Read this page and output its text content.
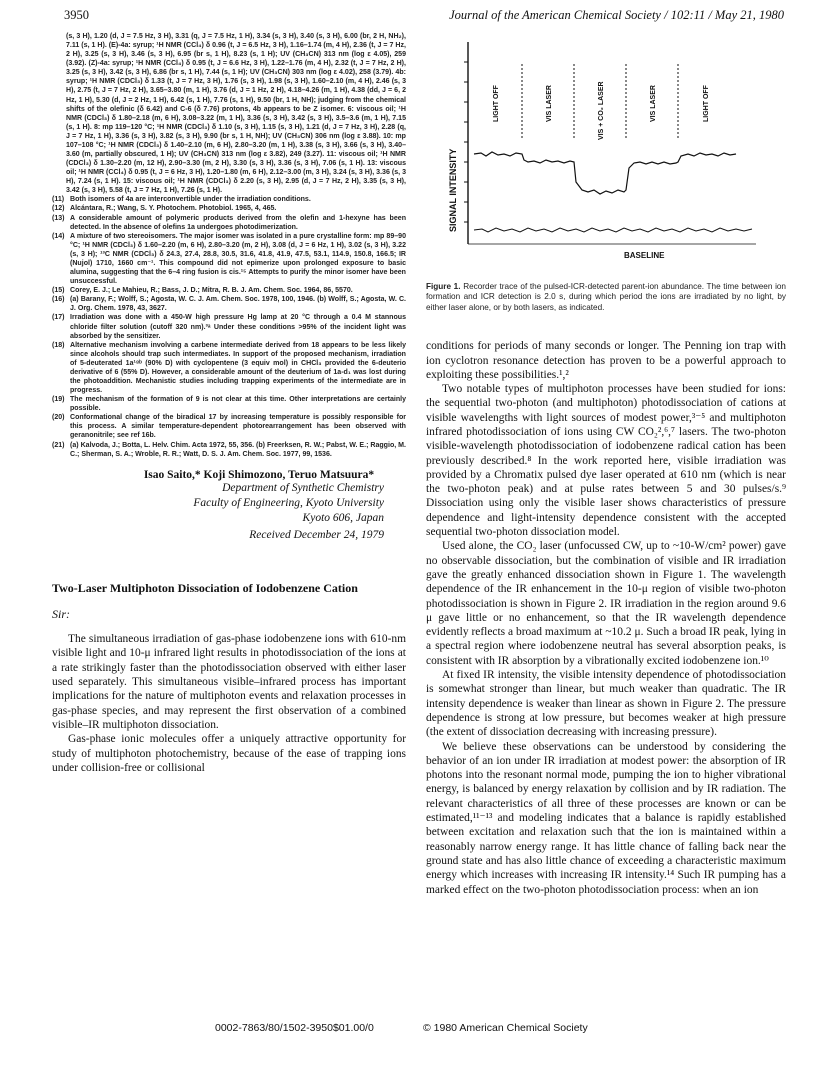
3950	Journal of the American Chemical Society / 102:11 / May 21, 1980
(s, 3 H), 1.20 (d, J = 7.5 Hz, 3 H), 3.31 (q, J = 7.5 Hz, 1 H), 3.34 (s, 3 H), 3.40 (s, 3 H), 6.00 (br, 2 H, NH₂), 7.11 (s, 1 H). (E)-4a: syrup; ¹H NMR (CCl₄) δ 0.96 (t, J = 6.5 Hz, 3 H), 1.16–1.74 (m, 4 H), 2.36 (t, J = 7 Hz, 2 H), 3.25 (s, 3 H), 3.46 (s, 3 H), 6.95 (br s, 1 H), 8.23 (s, 1 H); UV (CH₃CN) 313 nm (log ε 4.05), 259 (3.92). (Z)-4a: syrup; ¹H NMR (CCl₄) δ 0.95 (t, J = 6.6 Hz, 3 H), 1.22–1.76 (m, 4 H), 2.32 (t, J = 7 Hz, 2 H), 3.25 (s, 3 H), 3.42 (s, 3 H), 6.86 (br s, 1 H), 7.44 (s, 1 H); UV (CH₃CN) 303 nm (log ε 4.02), 258 (3.79). 4b: syrup; ¹H NMR (CDCl₃) δ 1.33 (t, J = 7 Hz, 3 H), 1.76 (s, 3 H), 1.98 (s, 3 H), 1.60–2.10 (m, 4 H), 2.46 (s, 3 H), 2.75 (t, J = 7 Hz, 2 H), 3.65–3.80 (m, 1 H), 3.76 (d, J = 1 Hz, 2 H), 4.18–4.26 (m, 1 H), 4.38 (dd, J = 6, 2 Hz, 1 H), 5.30 (d, J = 2 Hz, 1 H), 6.42 (s, 1 H), 7.76 (s, 1 H), 9.50 (br, 1 H, NH); judging from the chemical shifts of the olefinic (δ 6.42) and C-6 (δ 7.76) protons, 4b appears to be Z isomer. 6: viscous oil; ¹H NMR (CDCl₃) δ 1.80–2.18 (m, 6 H), 3.08–3.22 (m, 1 H), 3.36 (s, 3 H), 3.42 (s, 3 H), 3.5–3.6 (m, 1 H), 7.15 (s, 1 H). 8: mp 119–120 °C; ¹H NMR (CDCl₃) δ 1.10 (s, 3 H), 1.15 (s, 3 H), 1.21 (d, J = 7 Hz, 3 H), 2.28 (q, J = 7 Hz, 1 H), 3.36 (s, 3 H), 3.82 (s, 3 H), 9.90 (br s, 1 H, NH); UV (CH₃CN) 306 nm (log ε 3.88). 10: mp 107–108 °C; ¹H NMR (CDCl₃) δ 1.40–2.10 (m, 6 H), 2.80–3.20 (m, 1 H), 3.38 (s, 3 H), 3.66 (s, 3 H), 3.40–3.60 (m, partially obscured, 1 H); UV (CH₃CN) 313 nm (log ε 3.82), 249 (3.27). 11: viscous oil; ¹H NMR (CDCl₃) δ 1.30–2.20 (m, 12 H), 2.90–3.30 (m, 2 H), 3.30 (s, 3 H), 3.36 (s, 3 H), 7.06 (s, 1 H). 13: viscous oil; ¹H NMR (CCl₄) δ 0.95 (t, J = 6 Hz, 3 H), 1.20–1.80 (m, 6 H), 2.12–3.00 (m, 3 H), 3.24 (s, 3 H), 3.36 (s, 3 H), 7.24 (s, 1 H). 15: viscous oil; ¹H NMR (CDCl₃) δ 2.20 (s, 3 H), 2.95 (d, J = 7 Hz, 2 H), 3.35 (s, 3 H), 3.42 (s, 3 H), 5.58 (t, J = 7 Hz, 1 H), 7.26 (s, 1 H).
(11) Both isomers of 4a are interconvertible under the irradiation conditions.
(12) Alcántara, R.; Wang, S. Y. Photochem. Photobiol. 1965, 4, 465.
(13) A considerable amount of polymeric products derived from the olefin and 1-hexyne has been detected. In the absence of olefins 1a undergoes photodimerization.
(14) A mixture of two stereoisomers. The major isomer was isolated in a pure crystalline form: mp 89–90 °C; ¹H NMR (CDCl₃) δ 1.60–2.20 (m, 6 H), 2.80–3.20 (m, 2 H), 3.08 (d, J = 6 Hz, 1 H), 3.02 (s, 3 H), 3.22 (s, 3 H); ¹³C NMR (CDCl₃) δ 24.3, 27.4, 28.8, 30.5, 31.6, 41.8, 41.9, 47.5, 53.1, 114.9, 150.8, 166.5; IR (Nujol) 1710, 1660 cm⁻¹. This compound did not epimerize upon prolonged exposure to basic alumina, suggesting that the 6–4 ring fusion is cis.¹⁵ Attempts to purify the minor isomer have been unsuccessful.
(15) Corey, E. J.; Le Mahieu, R.; Bass, J. D.; Mitra, R. B. J. Am. Chem. Soc. 1964, 86, 5570.
(16) (a) Barany, F.; Wolff, S.; Agosta, W. C. J. Am. Chem. Soc. 1978, 100, 1946. (b) Wolff, S.; Agosta, W. C. J. Org. Chem. 1978, 43, 3627.
(17) Irradiation was done with a 450-W high pressure Hg lamp at 20 °C through a 0.4 M stannous chloride filter solution (cutoff 320 nm).³ᵃ Under these conditions >95% of the incident light was absorbed by the sensitizer.
(18) Alternative mechanism involving a carbene intermediate derived from 18 appears to be less likely since alcohols should trap such intermediates. In support of the proposed mechanism, irradiation of 5-deuterated 1a¹⁸ᵇ (90% D) with cyclopentene (3 equiv mol) in CHCl₃ provided the 6-deuterio derivative of 6 (55% D). However, a considerable amount of the deuterium of 1a-d₁ was lost during the photoaddition. Mechanistic studies including trapping experiments of the intermediate are in progress.
(19) The mechanism of the formation of 9 is not clear at this time. Other interpretations are certainly possible.
(20) Conformational change of the biradical 17 by increasing temperature is possibly responsible for this process. A similar temperature-dependent photorearrangement has been observed with geranonitrile; see ref 16b.
(21) (a) Kalvoda, J.; Botta, L. Helv. Chim. Acta 1972, 55, 356. (b) Freerksen, R. W.; Pabst, W. E.; Raggio, M. C.; Sherman, S. A.; Wroble, R. R.; Watt, D. S. J. Am. Chem. Soc. 1977, 99, 1536.
Isao Saito,* Koji Shimozono, Teruo Matsuura*
Department of Synthetic Chemistry
Faculty of Engineering, Kyoto University
Kyoto 606, Japan
Received December 24, 1979
Two-Laser Multiphoton Dissociation of Iodobenzene Cation
Sir:

The simultaneous irradiation of gas-phase iodobenzene ions with 610-nm visible light and 10-μ infrared light results in photodissociation of the ions at a rate strikingly faster than the photodissociation observed with either laser used separately. This simultaneous visible–infrared process has important implications for the nature of multiphoton events and relaxation processes in gas-phase species, and may represent the first observation of a combined visible–IR multiphoton dissociation.

Gas-phase ionic molecules offer a uniquely attractive opportunity for study of multiphoton photochemistry, because of the ease of trapping ions under collision-free or collisional

SIGNAL INTENSITY
LIGHT OFF	VIS LASER	VIS + CO₂ LASER	VIS LASER	LIGHT OFF
BASELINE
Figure 1. Recorder trace of the pulsed-ICR-detected parent-ion abundance. The time between ion formation and ICR detection is 2.0 s, during which period the ions are irradiated by no light, by either laser alone, or by both lasers, as indicated.

conditions for periods of many seconds or longer. The Penning ion trap with ion cyclotron resonance detection has proven to be a powerful approach to exploiting these possibilities.¹,²

Two notable types of multiphoton processes have been studied for ions: the sequential two-photon (and multiphoton) photodissociation of cations at visible wavelengths with light sources of modest power,³⁻⁵ and multiphoton infrared photodissociation of ions using CW CO₂²,⁶,⁷ lasers. The two-photon visible-wavelength photodissociation of iodobenzene radical cation has been previously described.⁸ In the work reported here, visible irradiation was provided by a Chromatix pulsed dye laser operated at 610 nm (which is near the two-photon peak) and at pulse rates between 5 and 30 pulses/s.⁹ Dissociation using only the visible laser shows characteristics of pressure dependence and light-intensity dependence consistent with the accepted sequential two-photon dissociation model.

Used alone, the CO₂ laser (unfocussed CW, up to ~10-W/cm² power) gave no observable dissociation, but the combination of visible and IR irradiation gave the greatly enhanced dissociation shown in Figure 1. The wavelength dependence of the IR enhancement in the 10-μ region of visible two-photon photodissociation is shown in Figure 2. IR irradiation in the region around 9.6 μ gave little or no enhancement, so that the IR wavelength dependence evidently reflects a broad maximum at ~10.2 μ. Such a broad IR peak, lying in a spectral region where iodobenzene neutral has several absorption peaks, is consistent with IR absorption by a vibrationally excited iodobenzene ion.¹⁰

At fixed IR intensity, the visible intensity dependence of photodissociation is somewhat stronger than linear, but much weaker than quadratic. The IR intensity dependence is weaker than linear as shown in Figure 2. The pressure dependence is strong at low pressure, but becomes weaker at high pressure (the extent of dissociation decreasing with increasing pressure).

We believe these observations can be understood by considering the behavior of an ion under IR irradiation at modest power: the absorption of IR photons into the resonant normal mode, pumping the ion to higher vibrational energy, is balanced by energy relaxation by collision and by IR radiation. The relevant characteristics of all three of these processes are known or can be estimated,¹¹⁻¹³ and modeling indicates that a balance is rapidly established between excitation and relaxation such that the ion is maintained within a reasonably narrow energy range. It has little chance of falling back near the ground state and has also little chance of exceeding a characteristic maximum energy which increases with increasing IR intensity.¹⁴ Such IR pumping has a marked effect on the two-photon photodissociation process: when an ion

0002-7863/80/1502-3950$01.00/0	© 1980 American Chemical Society
